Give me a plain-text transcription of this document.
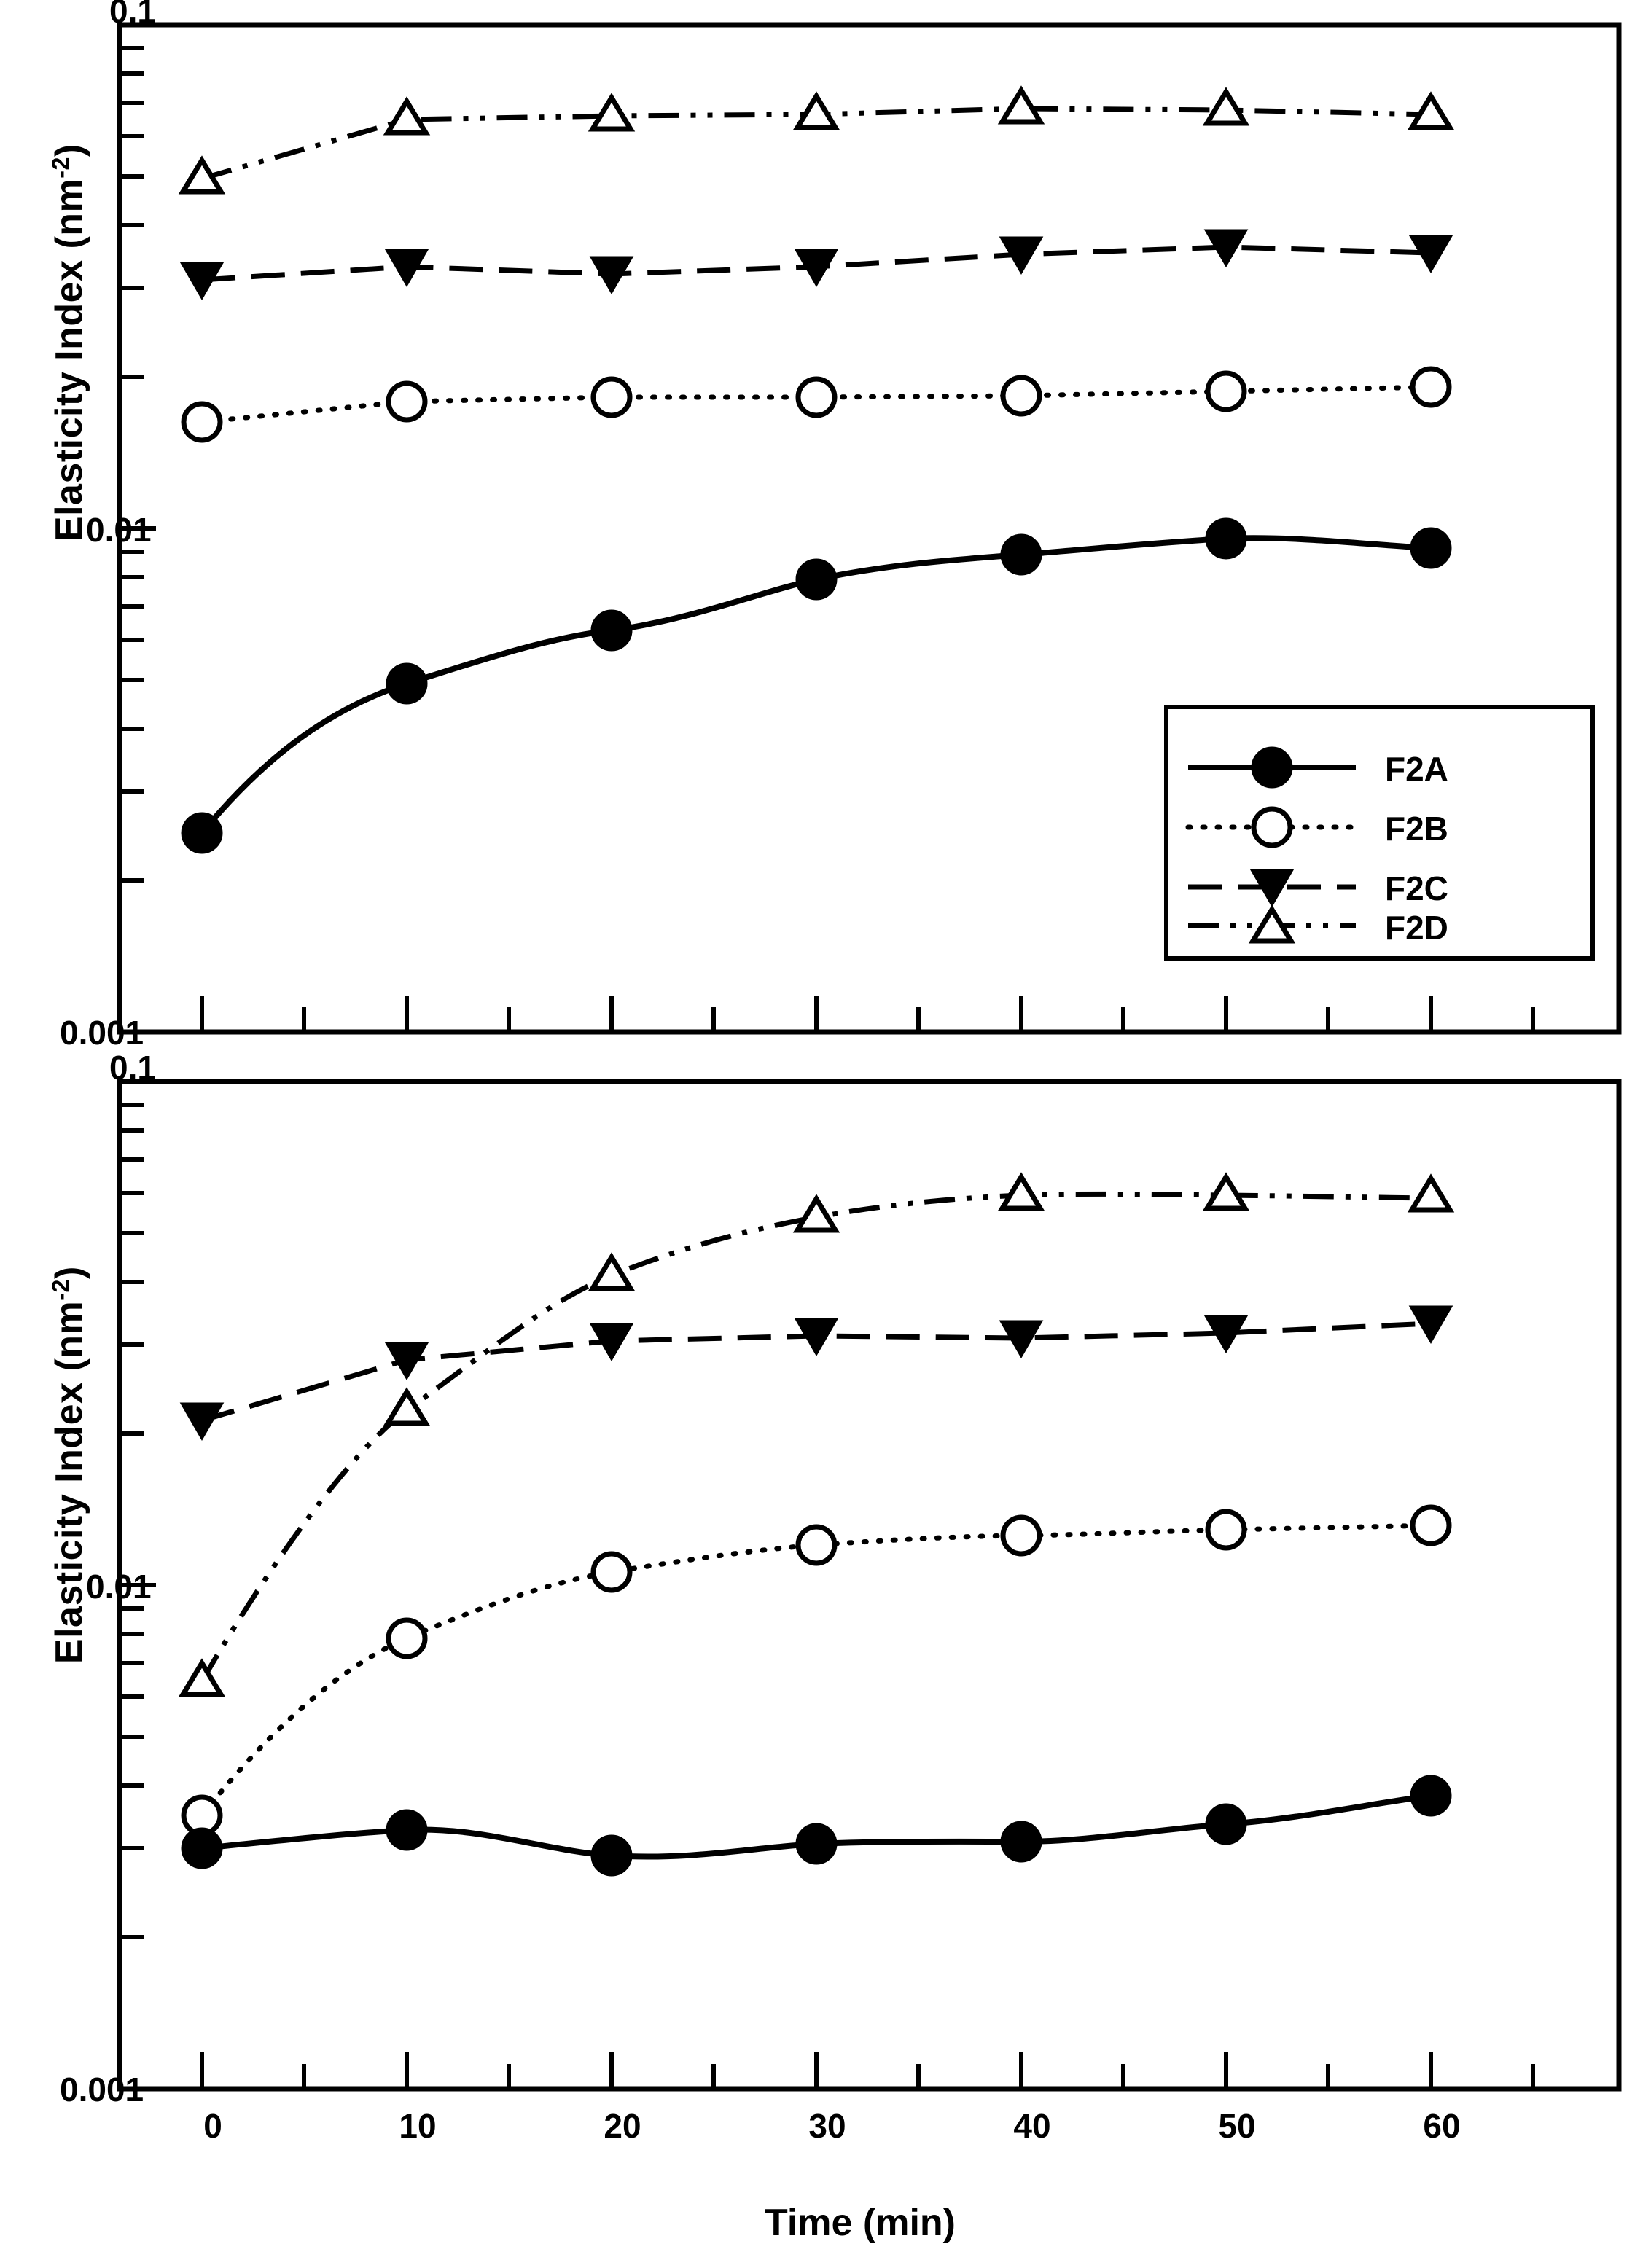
Elasticity Index $(nm^{-2})$
Elasticity Index $(nm^{-2})$
Time (min)
F2A
F2B
F2C
F2D
0.1
0.01
0.001
0.1
0.01
0.001
0	10	20	30	40	50	60
